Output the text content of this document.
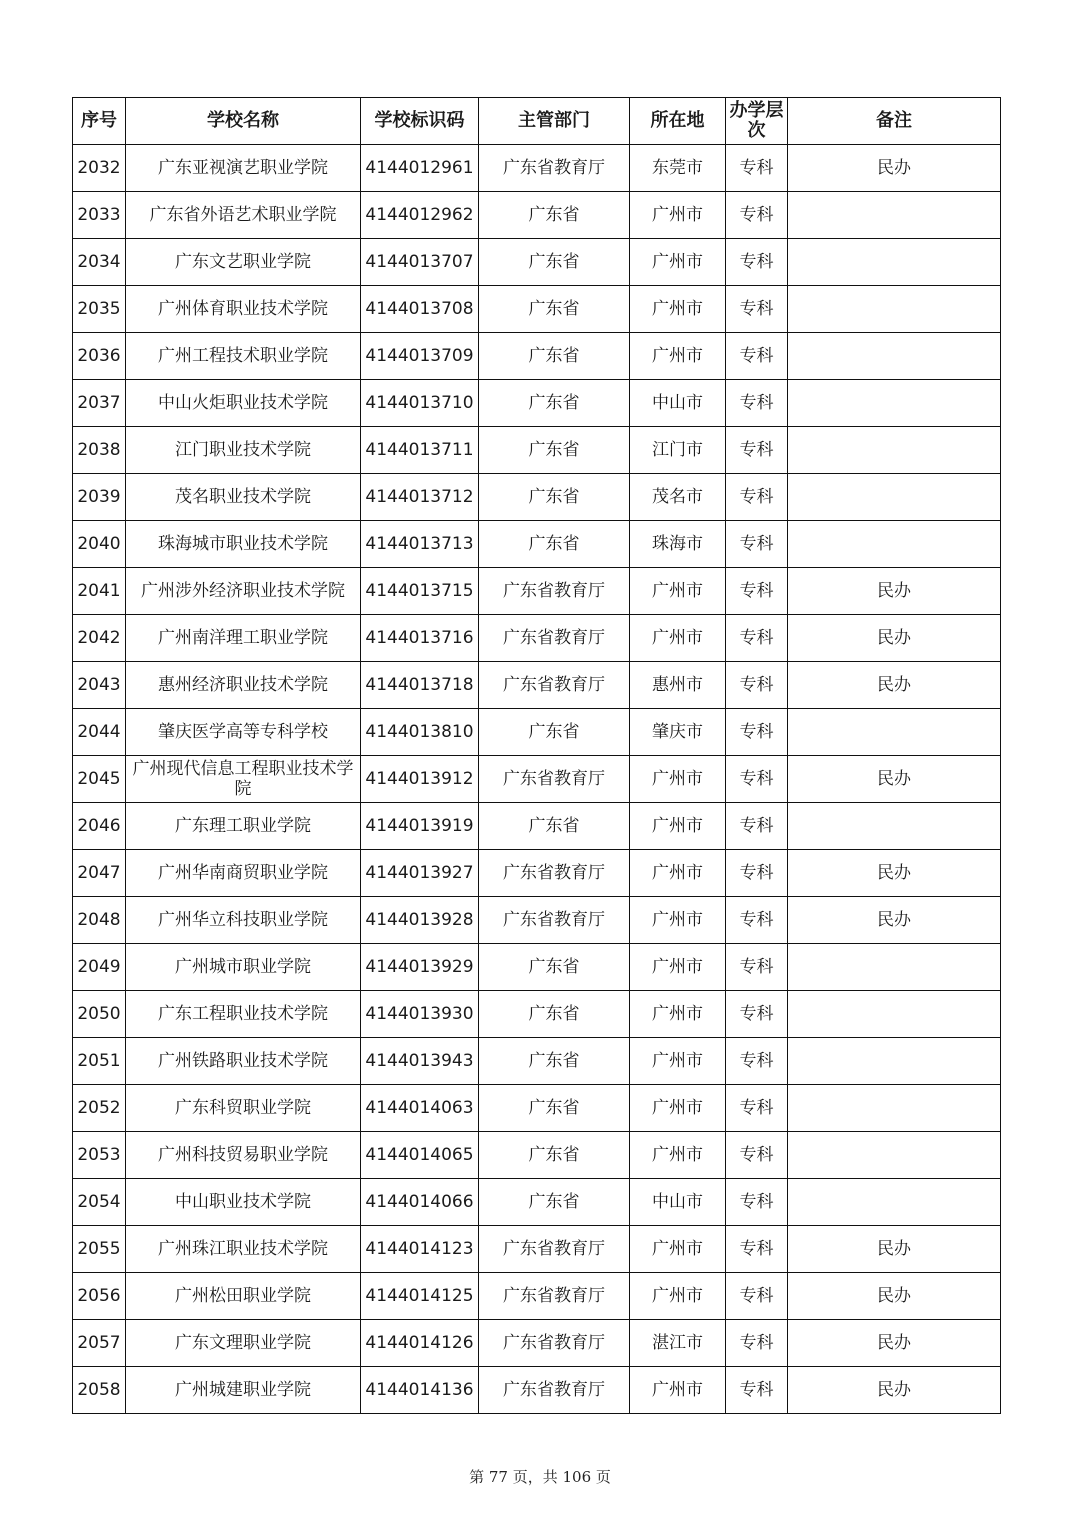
序号	学校名称	学校标识码	主管部门	所在地	办学层次	备注
2032	广东亚视演艺职业学院	4144012961	广东省教育厅	东莞市	专科	民办
2033	广东省外语艺术职业学院	4144012962	广东省	广州市	专科	
2034	广东文艺职业学院	4144013707	广东省	广州市	专科	
2035	广州体育职业技术学院	4144013708	广东省	广州市	专科	
2036	广州工程技术职业学院	4144013709	广东省	广州市	专科	
2037	中山火炬职业技术学院	4144013710	广东省	中山市	专科	
2038	江门职业技术学院	4144013711	广东省	江门市	专科	
2039	茂名职业技术学院	4144013712	广东省	茂名市	专科	
2040	珠海城市职业技术学院	4144013713	广东省	珠海市	专科	
2041	广州涉外经济职业技术学院	4144013715	广东省教育厅	广州市	专科	民办
2042	广州南洋理工职业学院	4144013716	广东省教育厅	广州市	专科	民办
2043	惠州经济职业技术学院	4144013718	广东省教育厅	惠州市	专科	民办
2044	肇庆医学高等专科学校	4144013810	广东省	肇庆市	专科	
2045	广州现代信息工程职业技术学院	4144013912	广东省教育厅	广州市	专科	民办
2046	广东理工职业学院	4144013919	广东省	广州市	专科	
2047	广州华南商贸职业学院	4144013927	广东省教育厅	广州市	专科	民办
2048	广州华立科技职业学院	4144013928	广东省教育厅	广州市	专科	民办
2049	广州城市职业学院	4144013929	广东省	广州市	专科	
2050	广东工程职业技术学院	4144013930	广东省	广州市	专科	
2051	广州铁路职业技术学院	4144013943	广东省	广州市	专科	
2052	广东科贸职业学院	4144014063	广东省	广州市	专科	
2053	广州科技贸易职业学院	4144014065	广东省	广州市	专科	
2054	中山职业技术学院	4144014066	广东省	中山市	专科	
2055	广州珠江职业技术学院	4144014123	广东省教育厅	广州市	专科	民办
2056	广州松田职业学院	4144014125	广东省教育厅	广州市	专科	民办
2057	广东文理职业学院	4144014126	广东省教育厅	湛江市	专科	民办
2058	广州城建职业学院	4144014136	广东省教育厅	广州市	专科	民办
第 77 页，共 106 页
